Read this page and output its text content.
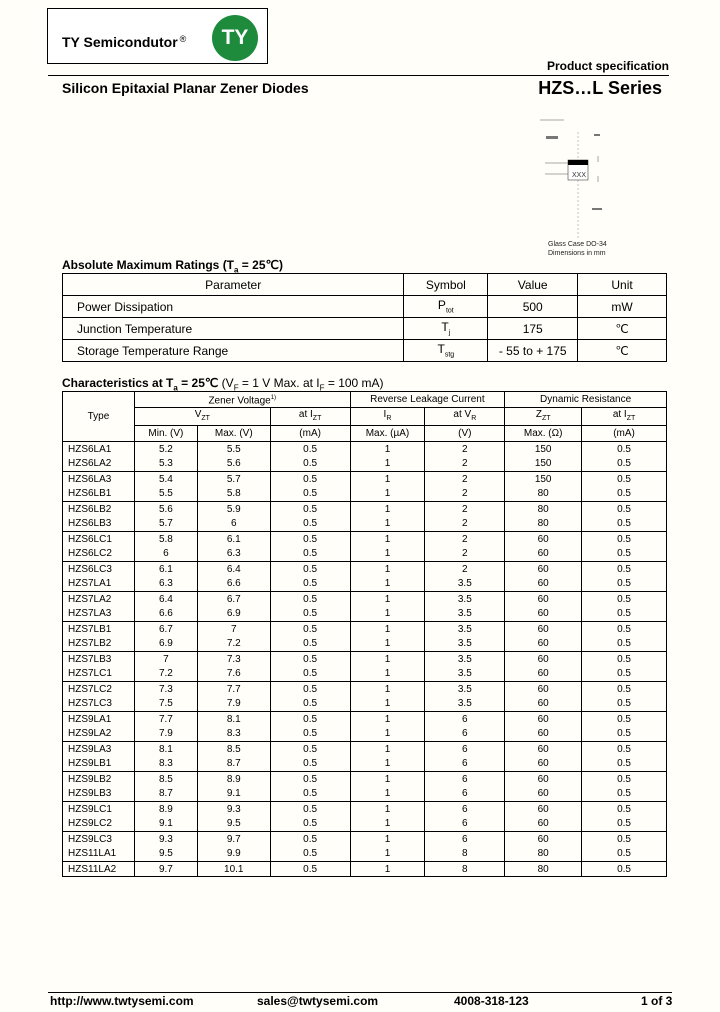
TY Semicondutor ®	TY
Product specification
Silicon Epitaxial Planar Zener Diodes	HZS…L Series
XXX
Glass Case DO-34
Dimensions in mm
Absolute Maximum Ratings ($T_a$ = 25℃)
Parameter	Symbol	Value	Unit
Power Dissipation	$P_{tot}$	500	mW
Junction Temperature	$T_j$	175	℃
Storage Temperature Range	$T_{stg}$	- 55 to + 175	℃
Characteristics at $T_a$ = 25℃ ($V_F = 1$ V Max. at $I_F = 100$ mA)
Type	Zener Voltage$^{1)}$			Reverse Leakage Current		Dynamic Resistance	
	$V_{ZT}$		at $I_{ZT}$	$I_R$	at $V_R$	$Z_{ZT}$	at $I_{ZT}$
	Min. (V)	Max. (V)	(mA)	Max. (µA)	(V)	Max. (Ω)	(mA)
HZS6LA1	5.2	5.5	0.5	1	2	150	0.5
HZS6LA2	5.3	5.6	0.5	1	2	150	0.5
HZS6LA3	5.4	5.7	0.5	1	2	150	0.5
HZS6LB1	5.5	5.8	0.5	1	2	80	0.5
HZS6LB2	5.6	5.9	0.5	1	2	80	0.5
HZS6LB3	5.7	6	0.5	1	2	80	0.5
HZS6LC1	5.8	6.1	0.5	1	2	60	0.5
HZS6LC2	6	6.3	0.5	1	2	60	0.5
HZS6LC3	6.1	6.4	0.5	1	2	60	0.5
HZS7LA1	6.3	6.6	0.5	1	3.5	60	0.5
HZS7LA2	6.4	6.7	0.5	1	3.5	60	0.5
HZS7LA3	6.6	6.9	0.5	1	3.5	60	0.5
HZS7LB1	6.7	7	0.5	1	3.5	60	0.5
HZS7LB2	6.9	7.2	0.5	1	3.5	60	0.5
HZS7LB3	7	7.3	0.5	1	3.5	60	0.5
HZS7LC1	7.2	7.6	0.5	1	3.5	60	0.5
HZS7LC2	7.3	7.7	0.5	1	3.5	60	0.5
HZS7LC3	7.5	7.9	0.5	1	3.5	60	0.5
HZS9LA1	7.7	8.1	0.5	1	6	60	0.5
HZS9LA2	7.9	8.3	0.5	1	6	60	0.5
HZS9LA3	8.1	8.5	0.5	1	6	60	0.5
HZS9LB1	8.3	8.7	0.5	1	6	60	0.5
HZS9LB2	8.5	8.9	0.5	1	6	60	0.5
HZS9LB3	8.7	9.1	0.5	1	6	60	0.5
HZS9LC1	8.9	9.3	0.5	1	6	60	0.5
HZS9LC2	9.1	9.5	0.5	1	6	60	0.5
HZS9LC3	9.3	9.7	0.5	1	6	60	0.5
HZS11LA1	9.5	9.9	0.5	1	8	80	0.5
HZS11LA2	9.7	10.1	0.5	1	8	80	0.5
http://www.twtysemi.com	sales@twtysemi.com	4008-318-123	1 of 3
